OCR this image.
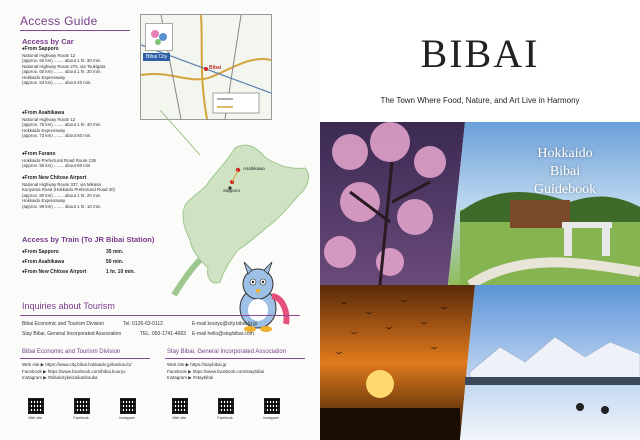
Access Guide
Access by Car
♦From Sapporo
National Highway Route 12
(approx. 60 km) ........ about 1 hr. 30 min.
National Highway Route 275, via Tsukigata
(approx. 60 km) ........ about 1 hr. 30 min.
Hokkaido Expressway
(approx. 53 km) ........ about 40 min.
♦From Asahikawa
National Highway Route 12
(approx. 75 km) ........ about 1 hr. 40 min.
Hokkaido Expressway
(approx. 72 km) ........ about 50 min.
♦From Furano
Hokkaido Prefectural Road Route 135
(approx. 55 km) ........ about 60 min
♦From New Chitose Airport
National Highway Route 337, via Mikasa
Kuriyama Road (Hokkaido Prefectural Road 30)
(approx. 80 km) ........ about 1 hr. 20 min.
Hokkaido Expressway
(approx. 99 km) ........ about 1 hr. 10 min.
Access by Train (To JR Bibai Station)
♦From Sapporo	35 min.
♦From Asahikawa	50 min.
♦From New Chitose Airport	1 hr. 10 min.
Bibai City
Bibai
Asahikawa
Sapporo
Inquiries about Tourism
Bibai Economic and Tourism Division	Tel. 0126-63-0112	E-mail kouryu@city.bibai.lg.jp
Stay Bibai, General Incorporated Association	TEL. 050-1741-4683 E-mail hello@staybibai.com
Bibai Economic and Tourism Division
Web site ▶ https://www.city.bibai.hokkaido.jp/kankou/1/
Facebook ▶ https://www.facebook.com/bibai.kouryu
Instagram ▶ #bibaicitykeizaikankouka
Web site	Facebook	Instagram
Stay Bibai, General Incorporated Association
Web site ▶ https://staybibai.jp
Facebook ▶ https://www.facebook.com/staybibai
Instagram ▶ #staybibai
Web site	Facebook	Instagram
BIBAI
The Town Where Food, Nature, and Art Live in Harmony
Hokkaido
Bibai
Guidebook
